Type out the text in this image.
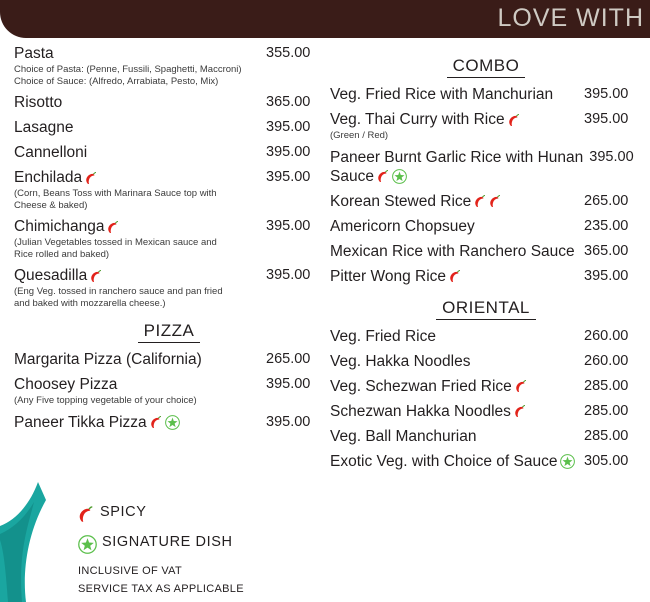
LOVE WITH
Pasta
Choice of Pasta: (Penne, Fussili, Spaghetti, Maccroni)
Choice of Sauce: (Alfredo, Arrabiata, Pesto, Mix)
355.00
Risotto	365.00
Lasagne	395.00
Cannelloni	395.00
Enchilada
(Corn, Beans Toss with Marinara Sauce top with
Cheese & baked)
395.00
Chimichanga
(Julian Vegetables tossed in Mexican sauce and
Rice rolled and baked)
395.00
Quesadilla
(Eng Veg. tossed in ranchero sauce and pan fried
and baked with mozzarella cheese.)
395.00
PIZZA
Margarita Pizza (California)	265.00
Choosey Pizza
(Any Five topping vegetable of your choice)
395.00
Paneer Tikka Pizza	395.00
COMBO
Veg. Fried Rice with Manchurian	395.00
Veg. Thai Curry with Rice
(Green / Red)
395.00
Paneer Burnt Garlic Rice with Hunan
Sauce
395.00
Korean Stewed Rice	265.00
Americorn Chopsuey	235.00
Mexican Rice with Ranchero Sauce 365.00
Pitter Wong Rice	395.00
ORIENTAL
Veg. Fried Rice	260.00
Veg. Hakka Noodles	260.00
Veg. Schezwan Fried Rice	285.00
Schezwan Hakka Noodles	285.00
Veg. Ball Manchurian	285.00
Exotic Veg. with Choice of Sauce	305.00
SPICY
SIGNATURE DISH
INCLUSIVE OF VAT
SERVICE TAX AS APPLICABLE
